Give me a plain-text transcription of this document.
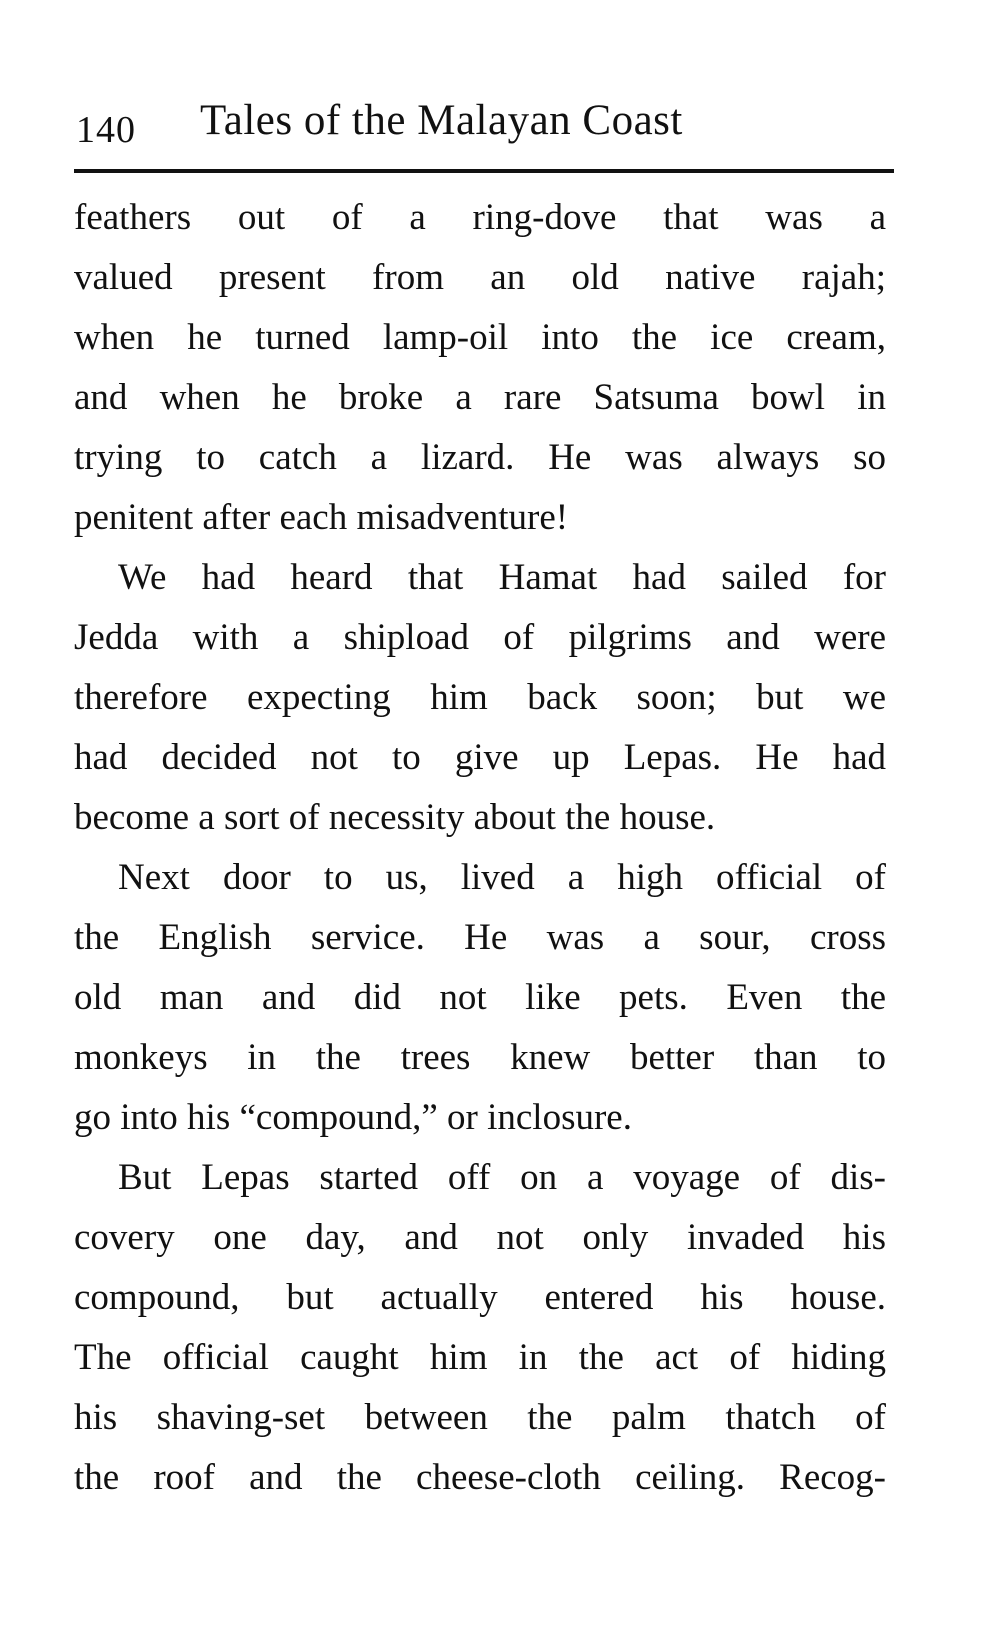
140 Tales of the Malayan Coast
feathers out of a ring-dove that was a
valued present from an old native rajah;
when he turned lamp-oil into the ice cream,
and when he broke a rare Satsuma bowl in
trying to catch a lizard. He was always so
penitent after each misadventure!
We had heard that Hamat had sailed for
Jedda with a shipload of pilgrims and were
therefore expecting him back soon; but we
had decided not to give up Lepas. He had
become a sort of necessity about the house.
Next door to us, lived a high official of
the English service. He was a sour, cross
old man and did not like pets. Even the
monkeys in the trees knew better than to
go into his “compound,” or inclosure.
But Lepas started off on a voyage of dis-
covery one day, and not only invaded his
compound, but actually entered his house.
The official caught him in the act of hiding
his shaving-set between the palm thatch of
the roof and the cheese-cloth ceiling. Recog-
